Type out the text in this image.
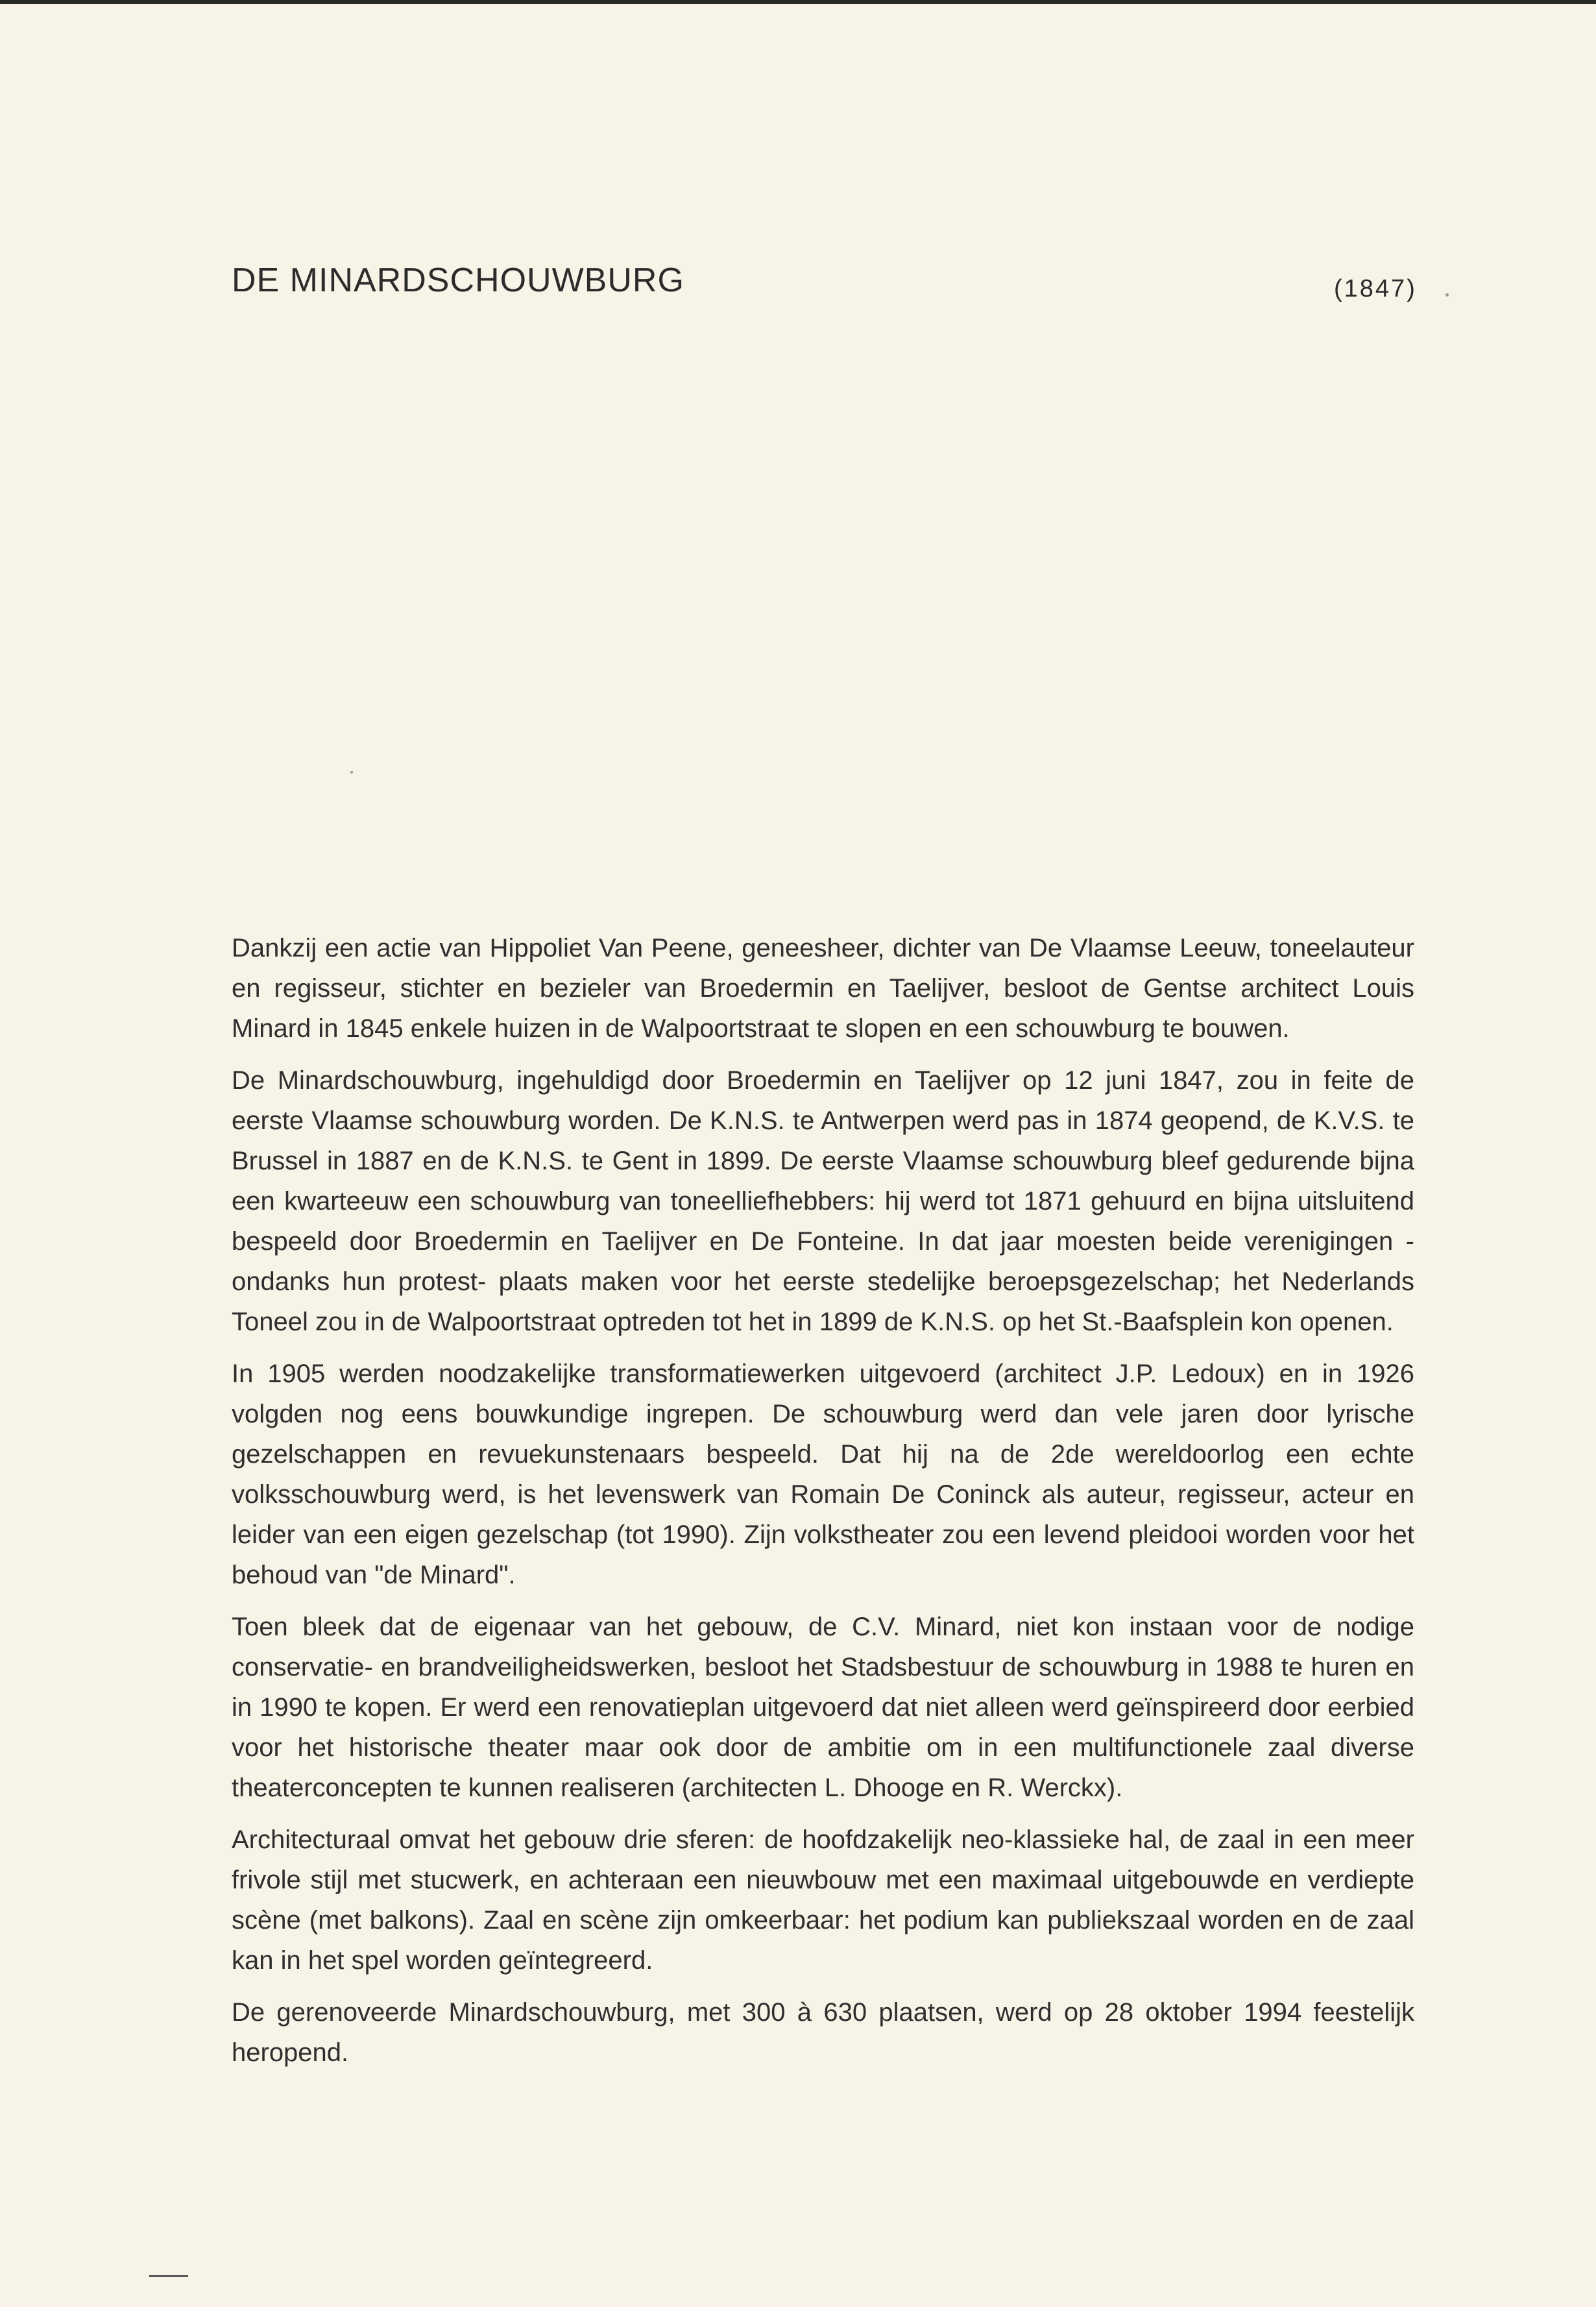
DE MINARDSCHOUWBURG	(1847)

Dankzij een actie van Hippoliet Van Peene, geneesheer, dichter van De Vlaamse Leeuw, toneelauteur en regisseur, stichter en bezieler van Broedermin en Taelijver, besloot de Gentse architect Louis Minard in 1845 enkele huizen in de Walpoortstraat te slopen en een schouwburg te bouwen.

De Minardschouwburg, ingehuldigd door Broedermin en Taelijver op 12 juni 1847, zou in feite de eerste Vlaamse schouwburg worden. De K.N.S. te Antwerpen werd pas in 1874 geopend, de K.V.S. te Brussel in 1887 en de K.N.S. te Gent in 1899. De eerste Vlaamse schouwburg bleef gedurende bijna een kwarteeuw een schouwburg van toneelliefhebbers: hij werd tot 1871 gehuurd en bijna uitsluitend bespeeld door Broedermin en Taelijver en De Fonteine. In dat jaar moesten beide verenigingen -ondanks hun protest- plaats maken voor het eerste stedelijke beroepsgezelschap; het Nederlands Toneel zou in de Walpoortstraat optreden tot het in 1899 de K.N.S. op het St.-Baafsplein kon openen.

In 1905 werden noodzakelijke transformatiewerken uitgevoerd (architect J.P. Ledoux) en in 1926 volgden nog eens bouwkundige ingrepen. De schouwburg werd dan vele jaren door lyrische gezelschappen en revuekunstenaars bespeeld. Dat hij na de 2de wereldoorlog een echte volksschouwburg werd, is het levenswerk van Romain De Coninck als auteur, regisseur, acteur en leider van een eigen gezelschap (tot 1990). Zijn volkstheater zou een levend pleidooi worden voor het behoud van "de Minard".

Toen bleek dat de eigenaar van het gebouw, de C.V. Minard, niet kon instaan voor de nodige conservatie- en brandveiligheidswerken, besloot het Stadsbestuur de schouwburg in 1988 te huren en in 1990 te kopen. Er werd een renovatieplan uitgevoerd dat niet alleen werd geïnspireerd door eerbied voor het historische theater maar ook door de ambitie om in een multifunctionele zaal diverse theaterconcepten te kunnen realiseren (architecten L. Dhooge en R. Werckx).

Architecturaal omvat het gebouw drie sferen: de hoofdzakelijk neo-klassieke hal, de zaal in een meer frivole stijl met stucwerk, en achteraan een nieuwbouw met een maximaal uitgebouwde en verdiepte scène (met balkons). Zaal en scène zijn omkeerbaar: het podium kan publiekszaal worden en de zaal kan in het spel worden geïntegreerd.

De gerenoveerde Minardschouwburg, met 300 à 630 plaatsen, werd op 28 oktober 1994 feestelijk heropend.
